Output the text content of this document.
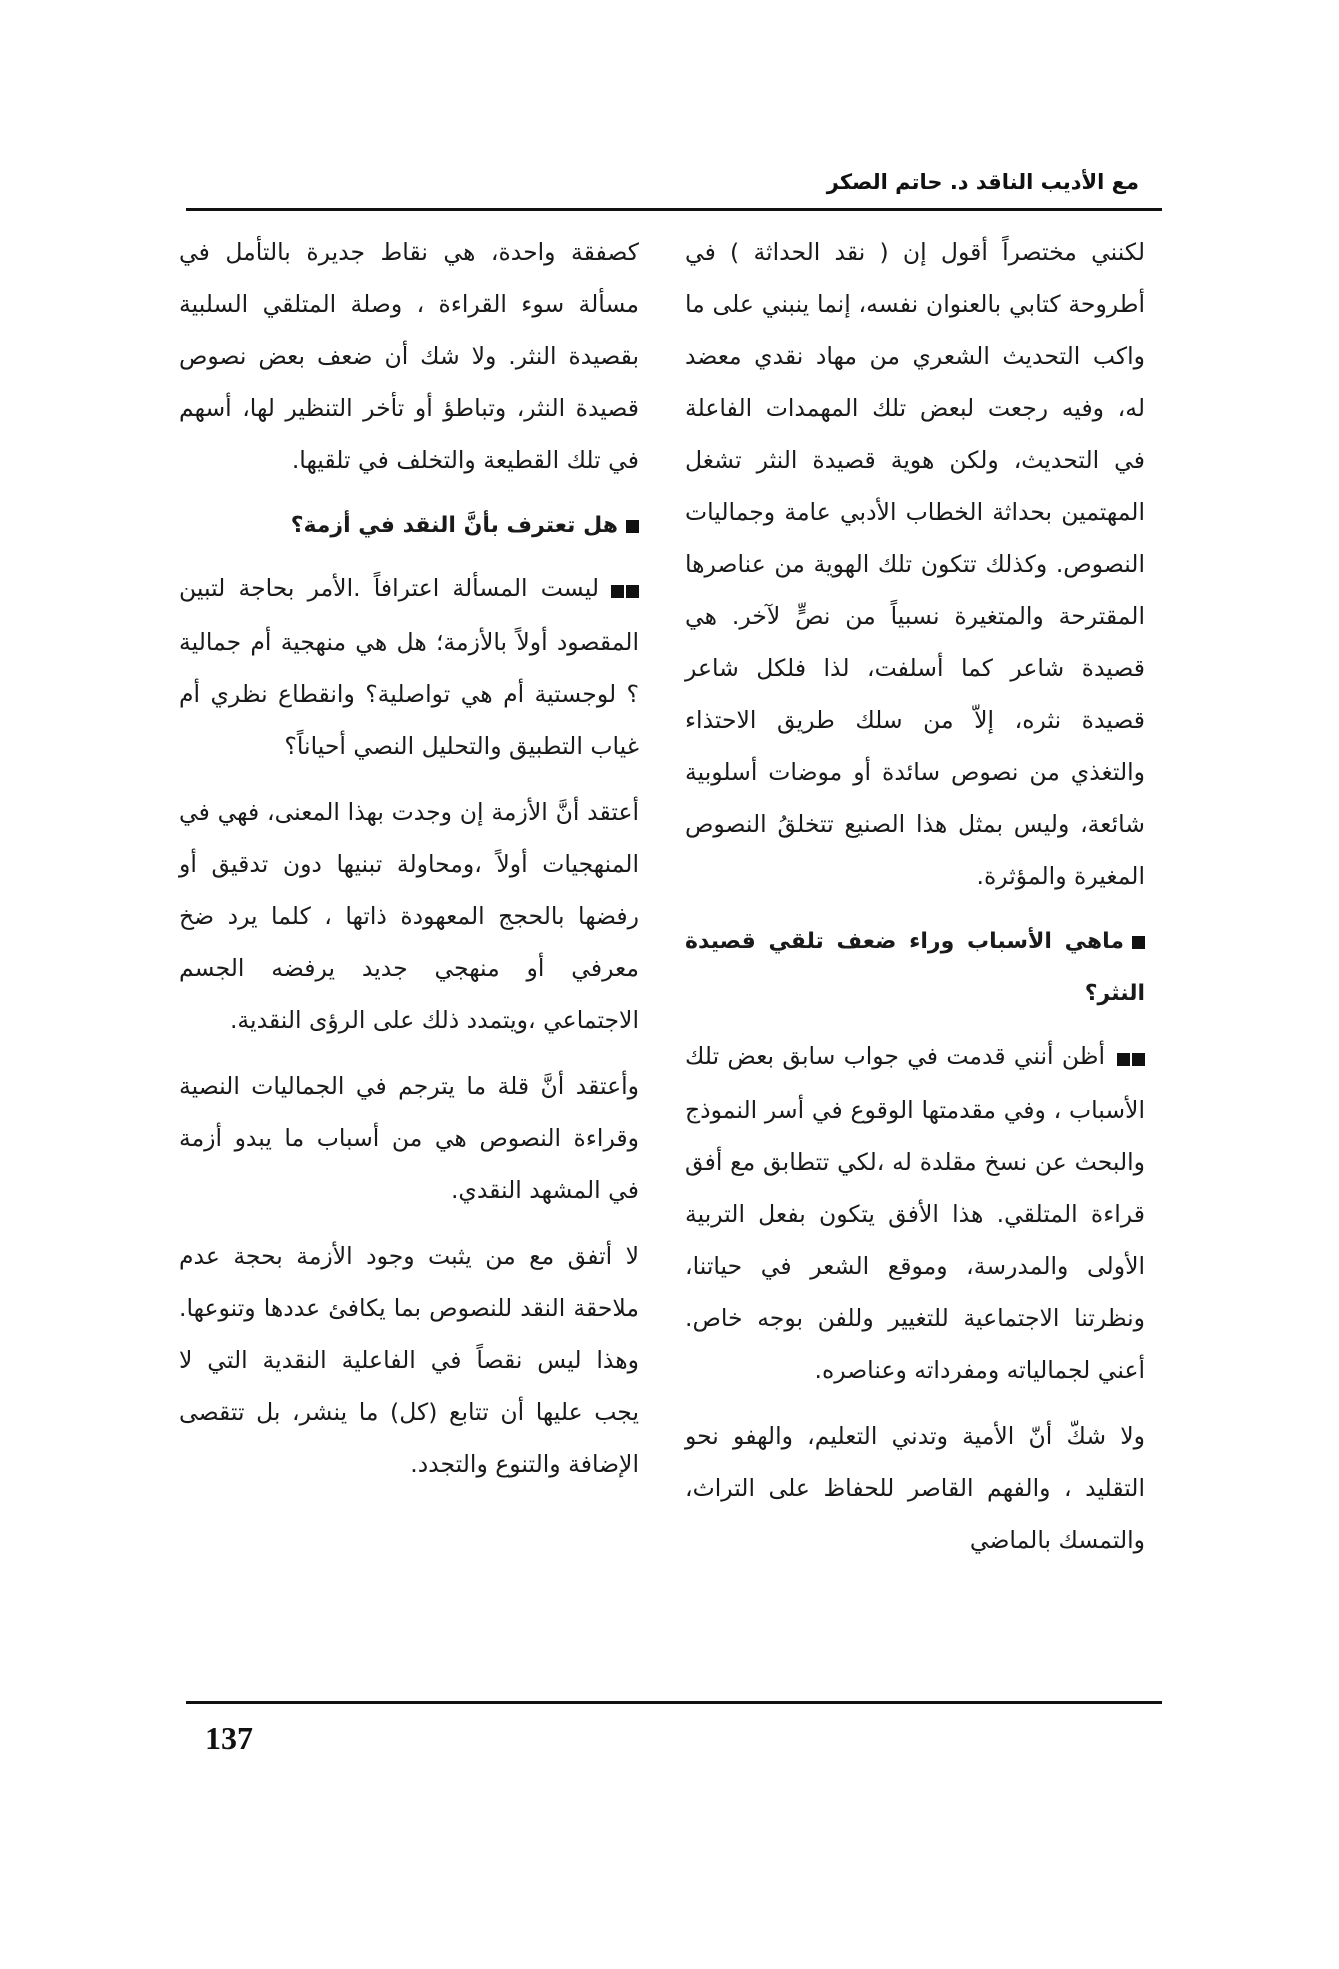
مع الأديب الناقد د. حاتم الصكر

لكنني مختصراً أقول إن ( نقد الحداثة ) في أطروحة كتابي بالعنوان نفسه، إنما ينبني على ما واكب التحديث الشعري من مهاد نقدي معضد له، وفيه رجعت لبعض تلك المهمدات الفاعلة في التحديث، ولكن هوية قصيدة النثر تشغل المهتمين بحداثة الخطاب الأدبي عامة وجماليات النصوص. وكذلك تتكون تلك الهوية من عناصرها المقترحة والمتغيرة نسبياً من نصٍّ لآخر. هي قصيدة شاعر كما أسلفت، لذا فلكل شاعر قصيدة نثره، إلاّ من سلك طريق الاحتذاء والتغذي من نصوص سائدة أو موضات أسلوبية شائعة، وليس بمثل هذا الصنيع تتخلقُ النصوص المغيرة والمؤثرة.

ماهي الأسباب وراء ضعف تلقي قصيدة النثر؟

أظن أنني قدمت في جواب سابق بعض تلك الأسباب ، وفي مقدمتها الوقوع في أسر النموذج والبحث عن نسخ مقلدة له ،لكي تتطابق مع أفق قراءة المتلقي. هذا الأفق يتكون بفعل التربية الأولى والمدرسة، وموقع الشعر في حياتنا، ونظرتنا الاجتماعية للتغيير وللفن بوجه خاص. أعني لجمالياته ومفرداته وعناصره.

ولا شكّ أنّ الأمية وتدني التعليم، والهفو نحو التقليد ، والفهم القاصر للحفاظ على التراث، والتمسك بالماضي

كصفقة واحدة، هي نقاط جديرة بالتأمل في مسألة سوء القراءة ، وصلة المتلقي السلبية بقصيدة النثر. ولا شك أن ضعف بعض نصوص قصيدة النثر، وتباطؤ أو تأخر التنظير لها، أسهم في تلك القطيعة والتخلف في تلقيها.

هل تعترف بأنَّ النقد في أزمة؟

ليست المسألة اعترافاً .الأمر بحاجة لتبين المقصود أولاً بالأزمة؛ هل هي منهجية أم جمالية ؟ لوجستية أم هي تواصلية؟ وانقطاع نظري أم غياب التطبيق والتحليل النصي أحياناً؟

أعتقد أنَّ الأزمة إن وجدت بهذا المعنى، فهي في المنهجيات أولاً ،ومحاولة تبنيها دون تدقيق أو رفضها بالحجج المعهودة ذاتها ، كلما يرد ضخ معرفي أو منهجي جديد يرفضه الجسم الاجتماعي ،ويتمدد ذلك على الرؤى النقدية.

وأعتقد أنَّ قلة ما يترجم في الجماليات النصية وقراءة النصوص هي من أسباب ما يبدو أزمة في المشهد النقدي.

لا أتفق مع من يثبت وجود الأزمة بحجة عدم ملاحقة النقد للنصوص بما يكافئ عددها وتنوعها. وهذا ليس نقصاً في الفاعلية النقدية التي لا يجب عليها أن تتابع (كل) ما ينشر، بل تتقصى الإضافة والتنوع والتجدد.

137
